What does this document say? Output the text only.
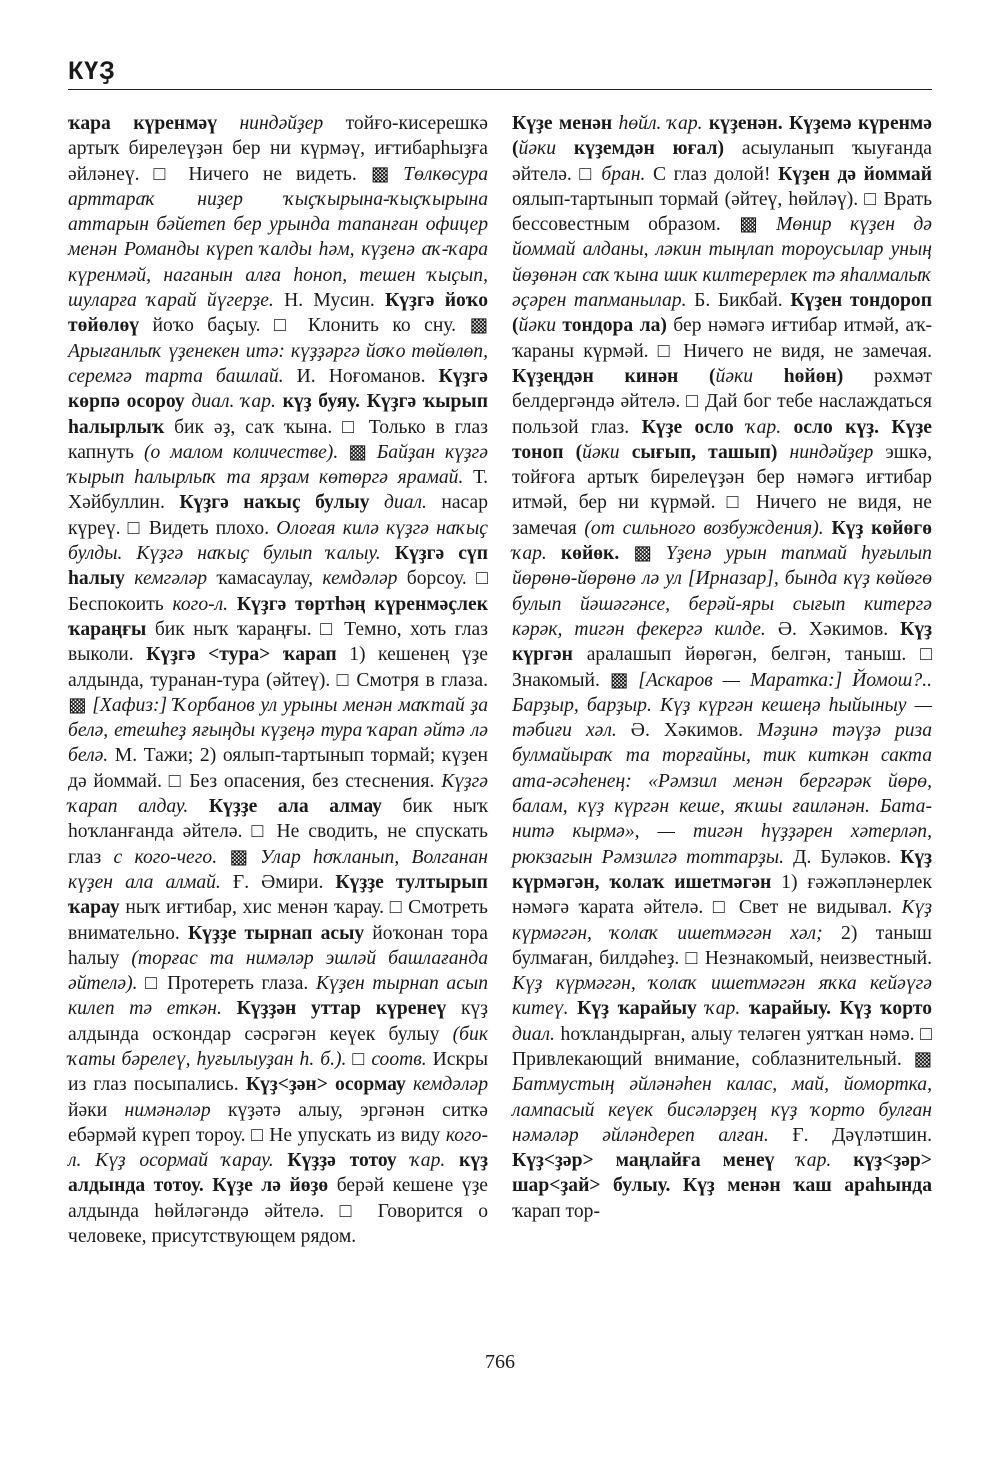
КҮҘ

ҡара күренмәү ниндәйҙер тойғо-кисерешкә артыҡ бирелеүҙән бер ни күрмәү, иғтибарһыҙға әйләнеү. □ Ничего не видеть. ▩ Төлкөсура арттараҡ ниҙер ҡыҫҡырына-ҡыҫҡырына аттарын бәйетеп бер урында тапанған офицер менән Романды күреп ҡалды һәм, күҙенә аҡ-ҡара күренмәй, наганын алға һоноп, тешен ҡыҫып, шуларға ҡарай йүгерҙе. Н. Мусин. Күҙгә йоҡо төйөлөү йоҡо баҫыу. □ Клонить ко сну. ▩ Арығанлыҡ үҙенекен итә: күҙҙәргә йоҡо төйөлөп, серемгә тарта башлай. И. Ноғоманов. Күҙгә көрпә осороу диал. ҡар. күҙ буяу. Күҙгә ҡырып һалырлыҡ бик әҙ, саҡ ҡына. □ Только в глаз капнуть (о малом количестве). ▩ Байҙан күҙгә ҡырып һалырлыҡ та ярҙам көтөргә ярамай. Т. Хәйбуллин. Күҙгә наҡыҫ булыу диал. насар күреү. □ Видеть плохо. Олоғая килә күҙгә наҡыҫ булды. Күҙгә наҡыҫ булып ҡалыу. Күҙгә сүп һалыу кемгәләр ҡамасаулау, кемдәләр борсоу. □ Беспокоить кого-л. Күҙгә төртһәң күренмәҫлек ҡараңғы бик ныҡ ҡараңғы. □ Темно, хоть глаз выколи. Күҙгә <тура> ҡарап 1) кешенең үҙе алдында, туранан-тура (әйтеү). □ Смотря в глаза. ▩ [Хафиз:] Ҡорбанов ул урыны менән маҡтай ҙа белә, етешһеҙ яғыңды күҙеңә тура ҡарап әйтә лә белә. М. Тажи; 2) оялып-тартынып тормай; күҙен дә йоммай. □ Без опасения, без стеснения. Күҙгә ҡарап алдау. Күҙҙе ала алмау бик ныҡ һоҡланғанда әйтелә. □ Не сводить, не спускать глаз с кого-чего. ▩ Улар һоҡланып, Волганан күҙен ала алмай. Ғ. Әмири. Күҙҙе тултырып ҡарау ныҡ иғтибар, хис менән ҡарау. □ Смотреть внимательно. Күҙҙе тырнап асыу йоҡонан тора һалыу (торғас та нимәләр эшләй башлағанда әйтелә). □ Протереть глаза. Күҙен тырнап асып килеп тә еткән. Күҙҙән уттар күренеү күҙ алдында осҡондар сәсрәгән кеүек булыу (бик ҡаты бәрелеү, һуғылыуҙан һ. б.). □ соотв. Искры из глаз посыпались. Күҙ<ҙән> осормау кемдәләр йәки нимәнәләр күҙәтә алыу, эргәнән ситкә ебәрмәй күреп тороу. □ Не упускать из виду кого-л. Күҙ осормай ҡарау. Күҙҙә тотоу ҡар. күҙ алдында тотоу. Күҙе лә йөҙө берәй кешене үҙе алдында һөйләгәндә әйтелә. □ Говорится о человеке, присутствующем рядом.

Күҙе менән һөйл. ҡар. күҙенән. Күҙемә күренмә (йәки күҙемдән юғал) асыуланып ҡыуғанда әйтелә. □ бран. С глаз долой! Күҙен дә йоммай оялып-тартынып тормай (әйтеү, һөйләү). □ Врать бессовестным образом. ▩ Мөнир күҙен дә йоммай алданы, ләкин тыңлап тороусылар уның йөҙөнән саҡ ҡына шик килтерерлек тә яһалмалыҡ әҫәрен тапманылар. Б. Бикбай. Күҙен тондороп (йәки тондора ла) бер нәмәгә иғтибар итмәй, аҡ-ҡараны күрмәй. □ Ничего не видя, не замечая. Күҙеңдән кинән (йәки һөйөн) рәхмәт белдергәндә әйтелә. □ Дай бог тебе наслаждаться пользой глаз. Күҙе ослo ҡар. осло күҙ. Күҙе тоноп (йәки сығып, ташып) ниндәйҙер эшкә, тойғоға артыҡ бирелеүҙән бер нәмәгә иғтибар итмәй, бер ни күрмәй. □ Ничего не видя, не замечая (от сильного возбуждения). Күҙ көйөгө ҡар. көйөк. ▩ Үҙенә урын тапмай һуғылып йөрөнө-йөрөнө лә ул [Ирназар], бында күҙ көйөгө булып йәшәгәнсе, берәй-яры сығып китергә кәрәк, тигән фекергә килде. Ә. Хәкимов. Күҙ күргән аралашып йөрөгән, белгән, таныш. □ Знакомый. ▩ [Аскаров — Маратка:] Йомош?.. Барҙыр, барҙыр. Күҙ күргән кешеңә һыйыныу — тәбиғи хәл. Ә. Хәкимов. Мәҙинә тәүҙә риза булмайыраҡ та торғайны, тик киткән сакта ата-әсәһенең: «Рәмзил менән бергәрәк йөрө, балам, күҙ күргән кеше, яҡшы ғаиләнән. Бата-нитә кырмә», — тигән һүҙҙәрен хәтерләп, рюкзагын Рәмзилгә тоттарҙы. Д. Буләков. Күҙ күрмәгән, ҡолаҡ ишетмәгән 1) ғәжәпләнерлек нәмәгә ҡарата әйтелә. □ Свет не видывал. Күҙ күрмәгән, ҡолаҡ ишетмәгән хәл; 2) таныш булмаған, билдәһеҙ. □ Незнакомый, неизвестный. Күҙ күрмәгән, ҡолаҡ ишетмәгән яҡка кейәүгә китеү. Күҙ ҡарайыу ҡар. ҡарайыу. Күҙ ҡорто диал. һоҡландырған, алыу теләген уятҡан нәмә. □ Привлекающий внимание, соблазнительный. ▩ Батмустың әйләнәһен калас, май, йомортка, лампасый кеүек бисәләрҙең күҙ ҡорто булған нәмәләр әйләндереп алған. Ғ. Дәүләтшин. Күҙ<ҙәр> маңлайға менеү ҡар. күҙ<ҙәр> шар<ҙай> булыу. Күҙ менән ҡаш араһында ҡарап тор-

766
